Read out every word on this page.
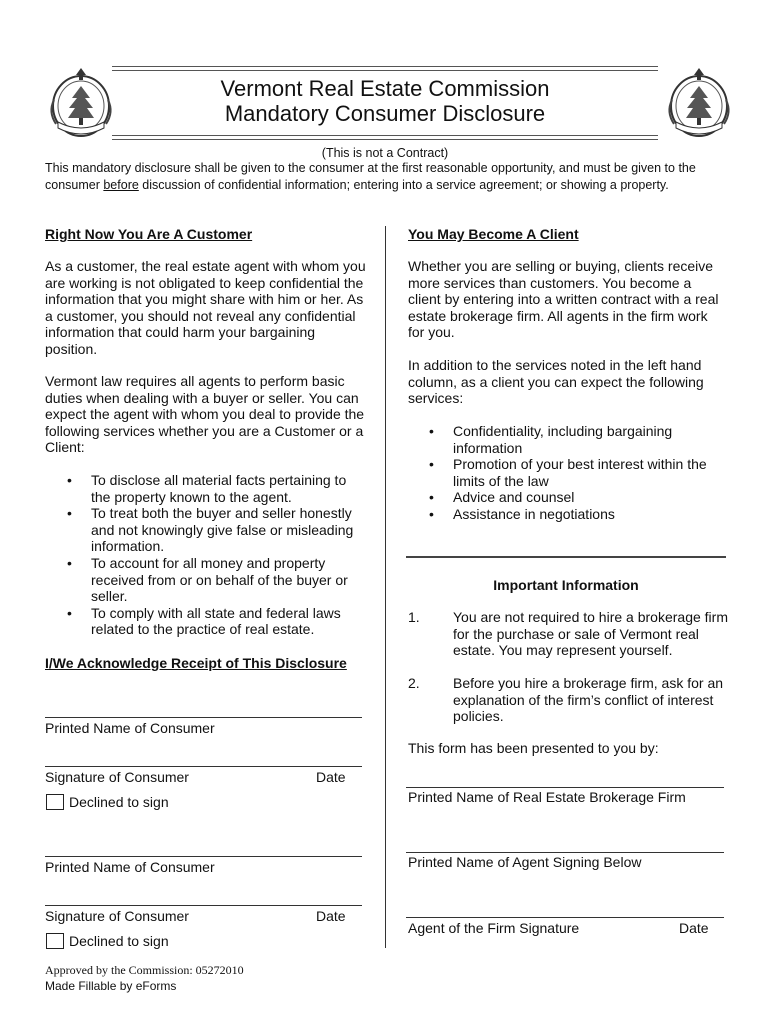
Vermont Real Estate Commission
Mandatory Consumer Disclosure
(This is not a Contract)
This mandatory disclosure shall be given to the consumer at the first reasonable opportunity, and must be given to the consumer before discussion of confidential information; entering into a service agreement; or showing a property.
Right Now You Are A Customer
As a customer, the real estate agent with whom you are working is not obligated to keep confidential the information that you might share with him or her. As a customer, you should not reveal any confidential information that could harm your bargaining position.
Vermont law requires all agents to perform basic duties when dealing with a buyer or seller. You can expect the agent with whom you deal to provide the following services whether you are a Customer or a Client:
• To disclose all material facts pertaining to the property known to the agent.
• To treat both the buyer and seller honestly and not knowingly give false or misleading information.
• To account for all money and property received from or on behalf of the buyer or seller.
• To comply with all state and federal laws related to the practice of real estate.
I/We Acknowledge Receipt of This Disclosure
Printed Name of Consumer
Signature of Consumer	Date
Declined to sign
Printed Name of Consumer
Signature of Consumer	Date
Declined to sign
You May Become A Client
Whether you are selling or buying, clients receive more services than customers. You become a client by entering into a written contract with a real estate brokerage firm. All agents in the firm work for you.
In addition to the services noted in the left hand column, as a client you can expect the following services:
• Confidentiality, including bargaining information
• Promotion of your best interest within the limits of the law
• Advice and counsel
• Assistance in negotiations
Important Information
1. You are not required to hire a brokerage firm for the purchase or sale of Vermont real estate. You may represent yourself.
2. Before you hire a brokerage firm, ask for an explanation of the firm’s conflict of interest policies.
This form has been presented to you by:
Printed Name of Real Estate Brokerage Firm
Printed Name of Agent Signing Below
Agent of the Firm Signature	Date
Approved by the Commission: 05272010
Made Fillable by eForms
